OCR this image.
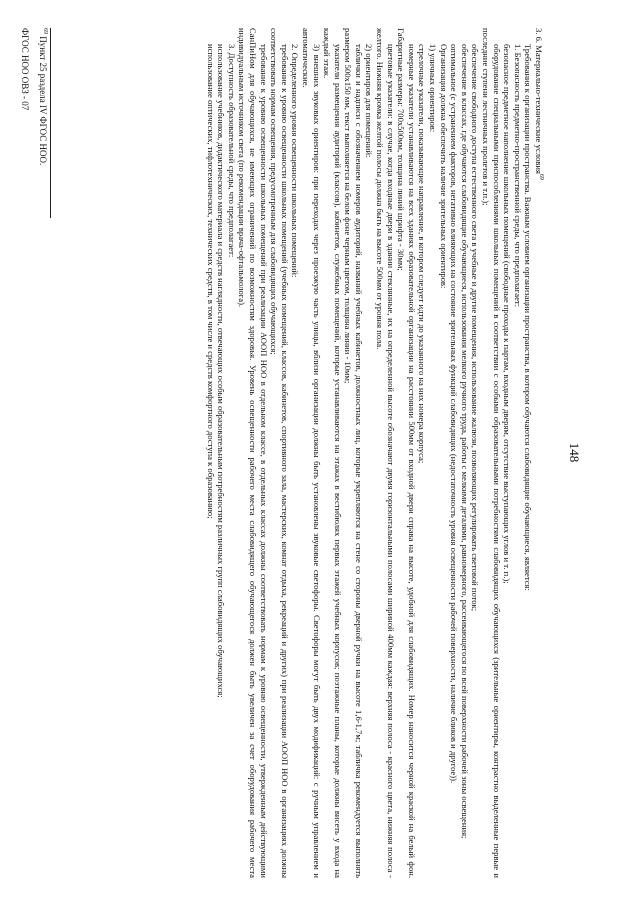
148

3. 6. Материально-технические условия$^{69}$

Требования к организации пространства. Важным условием организации пространства, в котором обучаются слабовидящие обучающиеся, является:

1. Безопасность предметно-пространственной среды, что предполагает:

безопасное предметное наполнение школьных помещений (свободные проходы к партам, входным дверям, отсутствие выступающих углов и т. п.);

оборудование специальными приспособлениями школьных помещений в соответствии с особыми образовательными потребностями слабовидящих обучающихся (зрительные ориентиры, контрастно выделенные первые и последние ступени лестничных пролетов и т.п.);

обеспечение свободного доступа естественного света в учебные и другие помещения, использование жалюзи, позволяющих регулировать световой поток;

обеспечение в классах, где обучаются слабовидящие обучающиеся, использования мелкого ручного труда, работы с мелкими деталями, равномерного, рассеивающегося по всей поверхности рабочей зоны освещения;

оптимальное (с устранением факторов, негативно влияющих на состояние зрительных функций слабовидящих (недостаточность уровня освещенности рабочей поверхности, наличие бликов и другое)).

Организация должна обеспечить наличие зрительных ориентиров:

1) уличных ориентиров:

стрелочные указатели, показывающие направление, в котором следует идти до указанного на них номера корпуса;

номерные указатели устанавливаются на всех зданиях образовательной организации на расстоянии 500мм от входной двери справа на высоте, удобной для слабовидящих. Номер наносится черной краской на белый фон. Габаритные размеры: 700х500мм, толщина линий шрифта - 30мм;

цветовые указатели: в случае, когда входные двери в здании стеклянные, их на определенной высоте обозначают двумя горизонтальными полосами шириной 400мм каждая: верхняя полоса - красного цвета, нижняя полоса - желтого. Нижняя кромка желтой полосы должна быть на высоте 500мм от уровня пола.

2) ориентиров для помещений:

таблички и надписи с обозначением номеров аудиторий, названий учебных кабинетов, должностных лиц, которые укрепляются на стене со стороны дверной ручки на высоте 1,6-1,7м; табличка рекомендуется выполнять размером 500х150 мм, текст выполняется на белом фоне черным цветом, толщина линии - 10мм;

указатели размещения аудиторий (классов), кабинетов, служебных помещений, которые устанавливаются на этажах в вестибюлях первых этажей учебных корпусов; поэтажные планы, которые должны висеть у входа на каждый этаж.

3) внешних звуковых ориентиров: при переходах через проезжую часть улицы, вблизи организации должны быть установлены звуковые светофоры. Светофоры могут быть двух модификаций: с ручным управлением и автоматические.

2. Определенного уровня освещенности школьных помещений:

требование к уровню освещенности школьных помещений (учебных помещений, классов, кабинетов, спортивного зала, мастерских, комнат отдыха, рекреаций и других) при реализации АООП НОО в организациях должны соответствовать нормам освещения, предусмотренным для слабовидящих обучающихся;

требование к уровню освещенности школьных помещений при реализации АООП НОО в отдельном классе, в отдельных классах должны соответствовать нормам к уровню освещенности, утвержденным действующими СанПиНом для обучающихся, не имеющих ограничений по возможностям здоровья. Уровень освещенности рабочего места слабовидящего обучающегося должен быть увеличен за счет оборудования рабочего места индивидуальным источником света (по рекомендации врача-офтальмолога).

3. Доступность образовательной среды, что предполагает:

использование учебников, дидактического материала и средств наглядности, отвечающих особым образовательным потребностям различных групп слабовидящих обучающихся;

использование оптических, тифлотехнических, технических средств, в том числе и средств комфортного доступа к образованию;

$^{69}$ Пункт 25 раздела IV ФГОС НОО.
ФГОС НОО ОВЗ - 07
